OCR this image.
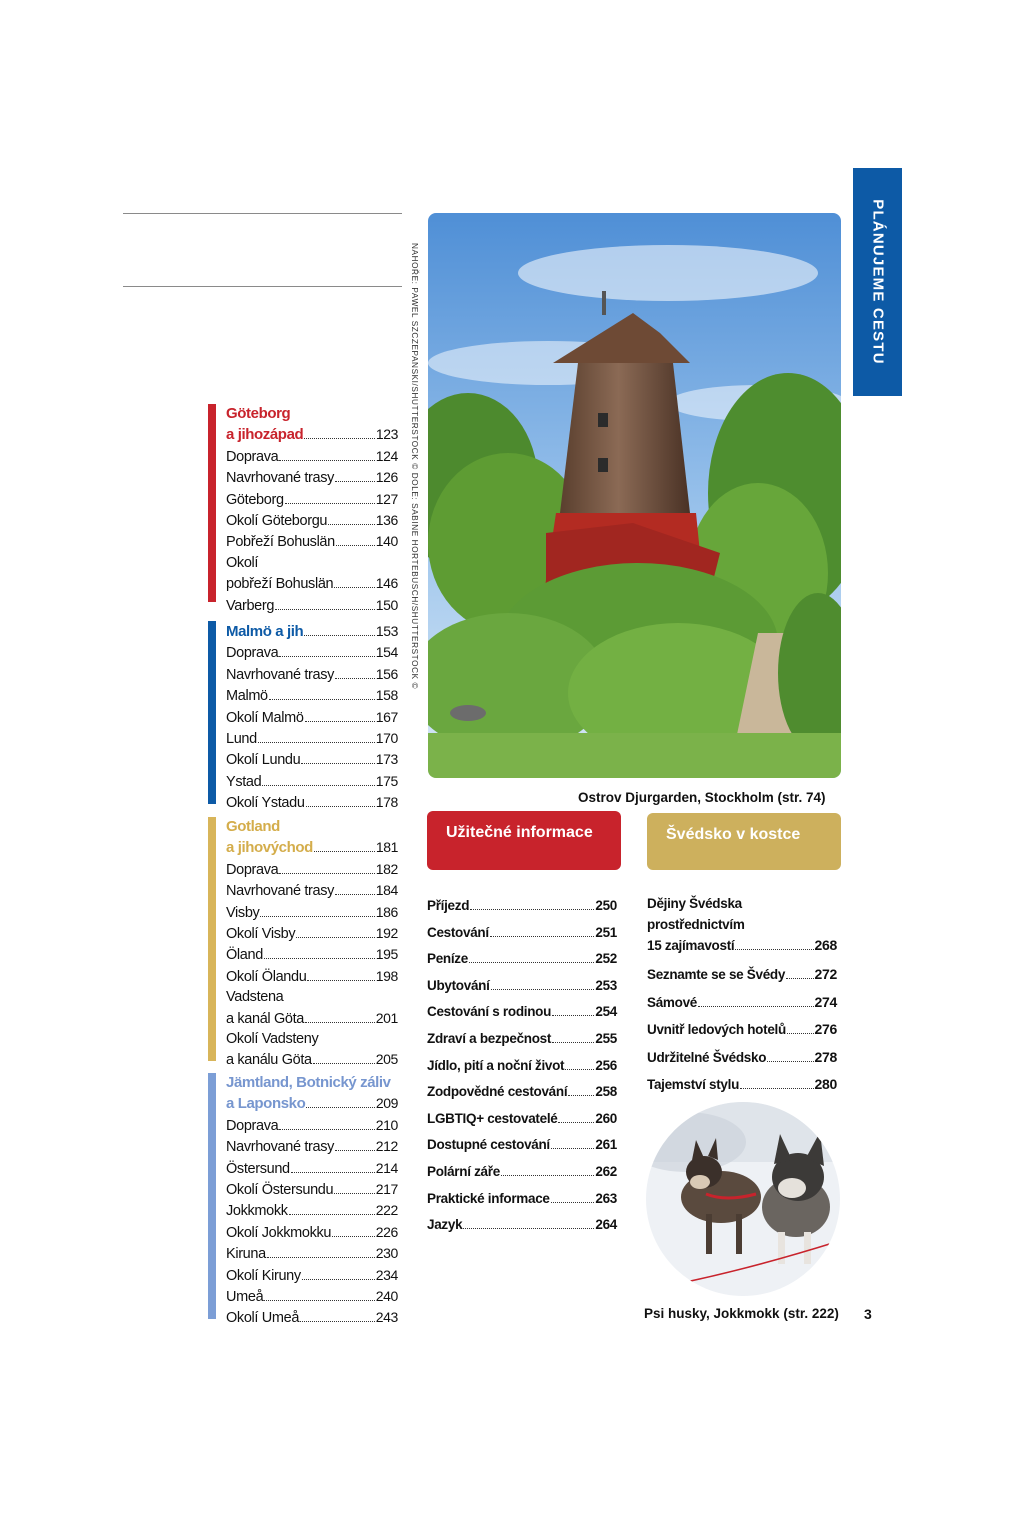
PLÁNUJEME CESTU
Göteborg
a jihozápad	123
Doprava	124
Navrhované trasy	126
Göteborg	127
Okolí Göteborgu	136
Pobřeží Bohuslän	140
Okolí
pobřeží Bohuslän	146
Varberg	150
Malmö a jih	153
Doprava	154
Navrhované trasy	156
Malmö	158
Okolí Malmö	167
Lund	170
Okolí Lundu	173
Ystad	175
Okolí Ystadu	178
Gotland
a jihovýchod	181
Doprava	182
Navrhované trasy	184
Visby	186
Okolí Visby	192
Öland	195
Okolí Ölandu	198
Vadstena
a kanál Göta	201
Okolí Vadsteny
a kanálu Göta	205
Jämtland, Botnický záliv
a Laponsko	209
Doprava	210
Navrhované trasy	212
Östersund	214
Okolí Östersundu	217
Jokkmokk	222
Okolí Jokkmokku	226
Kiruna	230
Okolí Kiruny	234
Umeå	240
Okolí Umeå	243
NAHOŘE: PAWEL SZCZEPANSKI/SHUTTERSTOCK © DOLE: SABINE HORTEBUSCH/SHUTTERSTOCK ©
Ostrov Djurgarden, Stockholm (str. 74)
Užitečné informace	Švédsko v kostce
Příjezd	250
Cestování	251
Peníze	252
Ubytování	253
Cestování s rodinou	254
Zdraví a bezpečnost	255
Jídlo, pití a noční život 256
Zodpovědné cestování 258
LGBTIQ+ cestovatelé	260
Dostupné cestování	261
Polární záře	262
Praktické informace	263
Jazyk	264
Dějiny Švédska
prostřednictvím
15 zajímavostí	268
Seznamte se se Švédy 272
Sámové	274
Uvnitř ledových hotelů 276
Udržitelné Švédsko	278
Tajemství stylu	280
Psi husky, Jokkmokk (str. 222) 3
